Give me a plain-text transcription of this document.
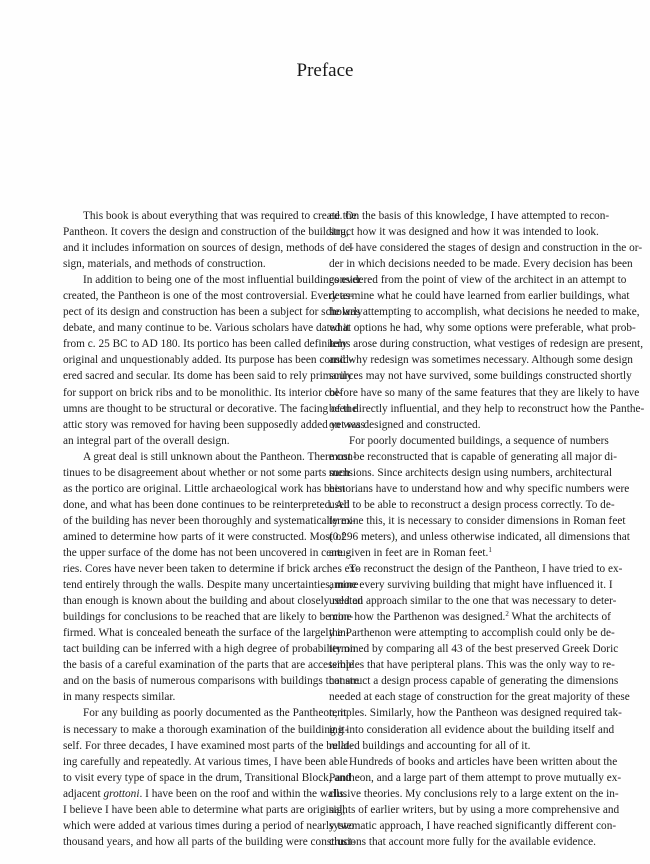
Preface
This book is about everything that was required to create the
Pantheon. It covers the design and construction of the building,
and it includes information on sources of design, methods of de-
sign, materials, and methods of construction.
In addition to being one of the most influential buildings ever
created, the Pantheon is one of the most controversial. Every as-
pect of its design and construction has been a subject for scholarly
debate, and many continue to be. Various scholars have dated it
from c. 25 BC to AD 180. Its portico has been called definitely
original and unquestionably added. Its purpose has been consid-
ered sacred and secular. Its dome has been said to rely primarily
for support on brick ribs and to be monolithic. Its interior col-
umns are thought to be structural or decorative. The facing of the
attic story was removed for having been supposedly added yet was
an integral part of the overall design.
A great deal is still unknown about the Pantheon. There con-
tinues to be disagreement about whether or not some parts such
as the portico are original. Little archaeological work has been
done, and what has been done continues to be reinterpreted. All
of the building has never been thoroughly and systematically ex-
amined to determine how parts of it were constructed. Most of
the upper surface of the dome has not been uncovered in centu-
ries. Cores have never been taken to determine if brick arches ex-
tend entirely through the walls. Despite many uncertainties, more
than enough is known about the building and about closely related
buildings for conclusions to be reached that are likely to be con-
firmed. What is concealed beneath the surface of the largely in-
tact building can be inferred with a high degree of probability on
the basis of a careful examination of the parts that are accessible
and on the basis of numerous comparisons with buildings that are
in many respects similar.
For any building as poorly documented as the Pantheon, it
is necessary to make a thorough examination of the building it-
self. For three decades, I have examined most parts of the build-
ing carefully and repeatedly. At various times, I have been able
to visit every type of space in the drum, Transitional Block, and
adjacent grottoni. I have been on the roof and within the walls.
I believe I have been able to determine what parts are original,
which were added at various times during a period of nearly two
thousand years, and how all parts of the building were construct-
ed. On the basis of this knowledge, I have attempted to recon-
struct how it was designed and how it was intended to look.
I have considered the stages of design and construction in the or-
der in which decisions needed to be made. Every decision has been
considered from the point of view of the architect in an attempt to
determine what he could have learned from earlier buildings, what
he was attempting to accomplish, what decisions he needed to make,
what options he had, why some options were preferable, what prob-
lems arose during construction, what vestiges of redesign are present,
and why redesign was sometimes necessary. Although some design
sources may not have survived, some buildings constructed shortly
before have so many of the same features that they are likely to have
been directly influential, and they help to reconstruct how the Panthe-
on was designed and constructed.
For poorly documented buildings, a sequence of numbers
must be reconstructed that is capable of generating all major di-
mensions. Since architects design using numbers, architectural
historians have to understand how and why specific numbers were
used to be able to reconstruct a design process correctly. To de-
termine this, it is necessary to consider dimensions in Roman feet
(0.296 meters), and unless otherwise indicated, all dimensions that
are given in feet are in Roman feet.$^1$
To reconstruct the design of the Pantheon, I have tried to ex-
amine every surviving building that might have influenced it. I
used an approach similar to the one that was necessary to deter-
mine how the Parthenon was designed.$^2$ What the architects of
the Parthenon were attempting to accomplish could only be de-
termined by comparing all 43 of the best preserved Greek Doric
temples that have peripteral plans. This was the only way to re-
construct a design process capable of generating the dimensions
needed at each stage of construction for the great majority of these
temples. Similarly, how the Pantheon was designed required tak-
ing into consideration all evidence about the building itself and
related buildings and accounting for all of it.
Hundreds of books and articles have been written about the
Pantheon, and a large part of them attempt to prove mutually ex-
clusive theories. My conclusions rely to a large extent on the in-
sights of earlier writers, but by using a more comprehensive and
systematic approach, I have reached significantly different con-
clusions that account more fully for the available evidence.
